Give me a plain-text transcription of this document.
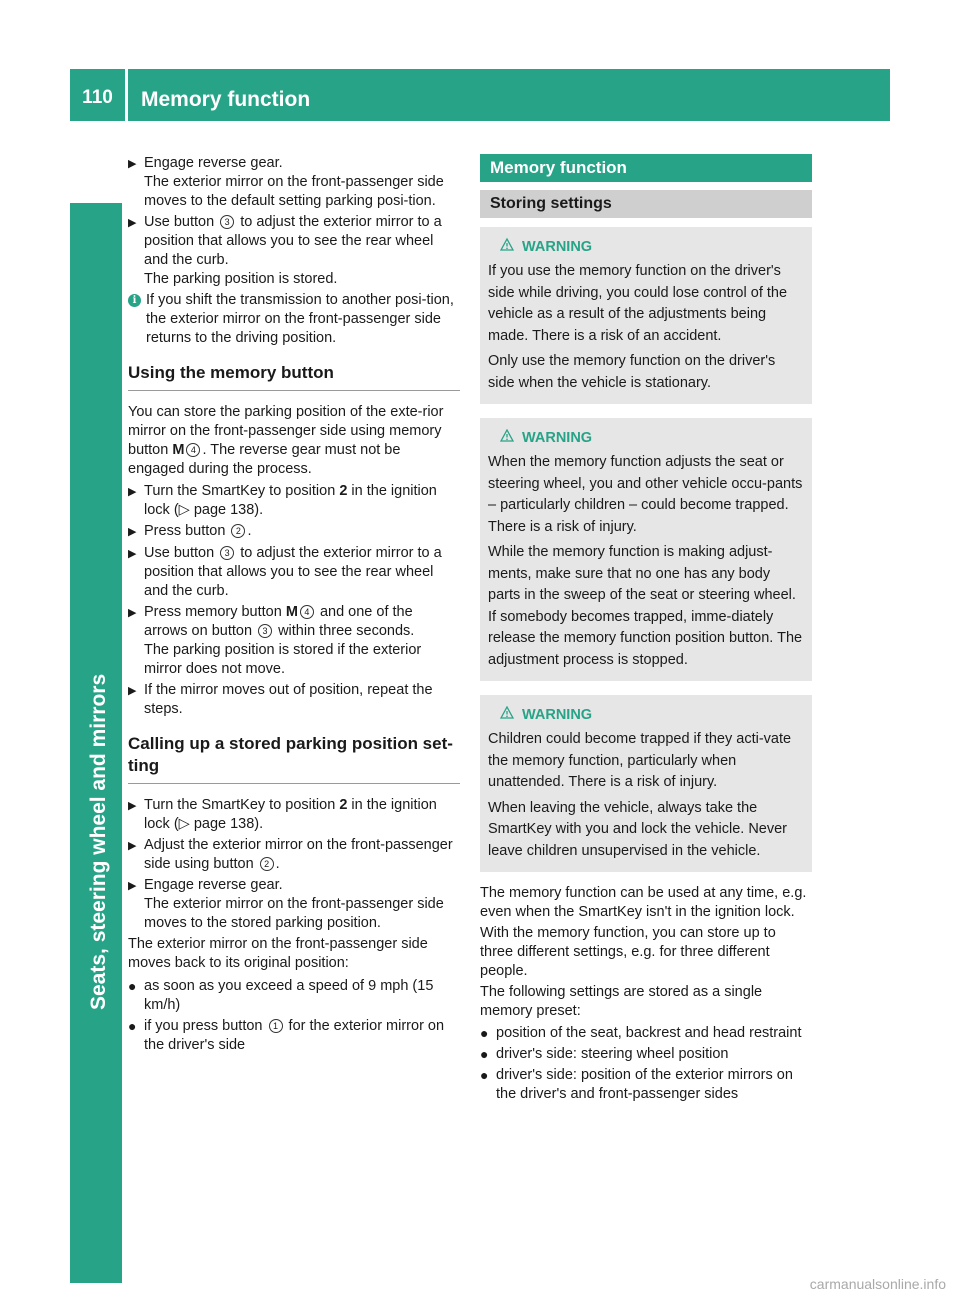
110	Memory function
Seats, steering wheel and mirrors
▶ Engage reverse gear.
The exterior mirror on the front-passenger side moves to the default setting parking posi-tion.
▶ Use button 3 to adjust the exterior mirror to a position that allows you to see the rear wheel and the curb.
The parking position is stored.
i If you shift the transmission to another posi-tion, the exterior mirror on the front-passenger side returns to the driving position.
Using the memory button

You can store the parking position of the exte-rior mirror on the front-passenger side using memory button M 4 . The reverse gear must not be engaged during the process.

▶ Turn the SmartKey to position 2 in the ignition lock (▷ page 138).
▶ Press button 2 .
▶ Use button 3 to adjust the exterior mirror to a position that allows you to see the rear wheel and the curb.
▶ Press memory button M 4 and one of the arrows on button 3 within three seconds.
The parking position is stored if the exterior mirror does not move.
▶ If the mirror moves out of position, repeat the steps.
Calling up a stored parking position set-ting
▶ Turn the SmartKey to position 2 in the ignition lock (▷ page 138).
▶ Adjust the exterior mirror on the front-passenger side using button 2 .
▶ Engage reverse gear.
The exterior mirror on the front-passenger side moves to the stored parking position.

The exterior mirror on the front-passenger side moves back to its original position:

● as soon as you exceed a speed of 9 mph (15 km/h)
● if you press button 1 for the exterior mirror on the driver's side
Memory function
Storing settings
WARNING

If you use the memory function on the driver's side while driving, you could lose control of the vehicle as a result of the adjustments being made. There is a risk of an accident.

Only use the memory function on the driver's side when the vehicle is stationary.

WARNING

When the memory function adjusts the seat or steering wheel, you and other vehicle occu-pants – particularly children – could become trapped. There is a risk of injury.

While the memory function is making adjust-ments, make sure that no one has any body parts in the sweep of the seat or steering wheel. If somebody becomes trapped, imme-diately release the memory function position button. The adjustment process is stopped.

WARNING

Children could become trapped if they acti-vate the memory function, particularly when unattended. There is a risk of injury.

When leaving the vehicle, always take the SmartKey with you and lock the vehicle. Never leave children unsupervised in the vehicle.

The memory function can be used at any time, e.g. even when the SmartKey isn't in the ignition lock.

With the memory function, you can store up to three different settings, e.g. for three different people.

The following settings are stored as a single memory preset:

● position of the seat, backrest and head restraint
● driver's side: steering wheel position
● driver's side: position of the exterior mirrors on the driver's and front-passenger sides
carmanualsonline.info
